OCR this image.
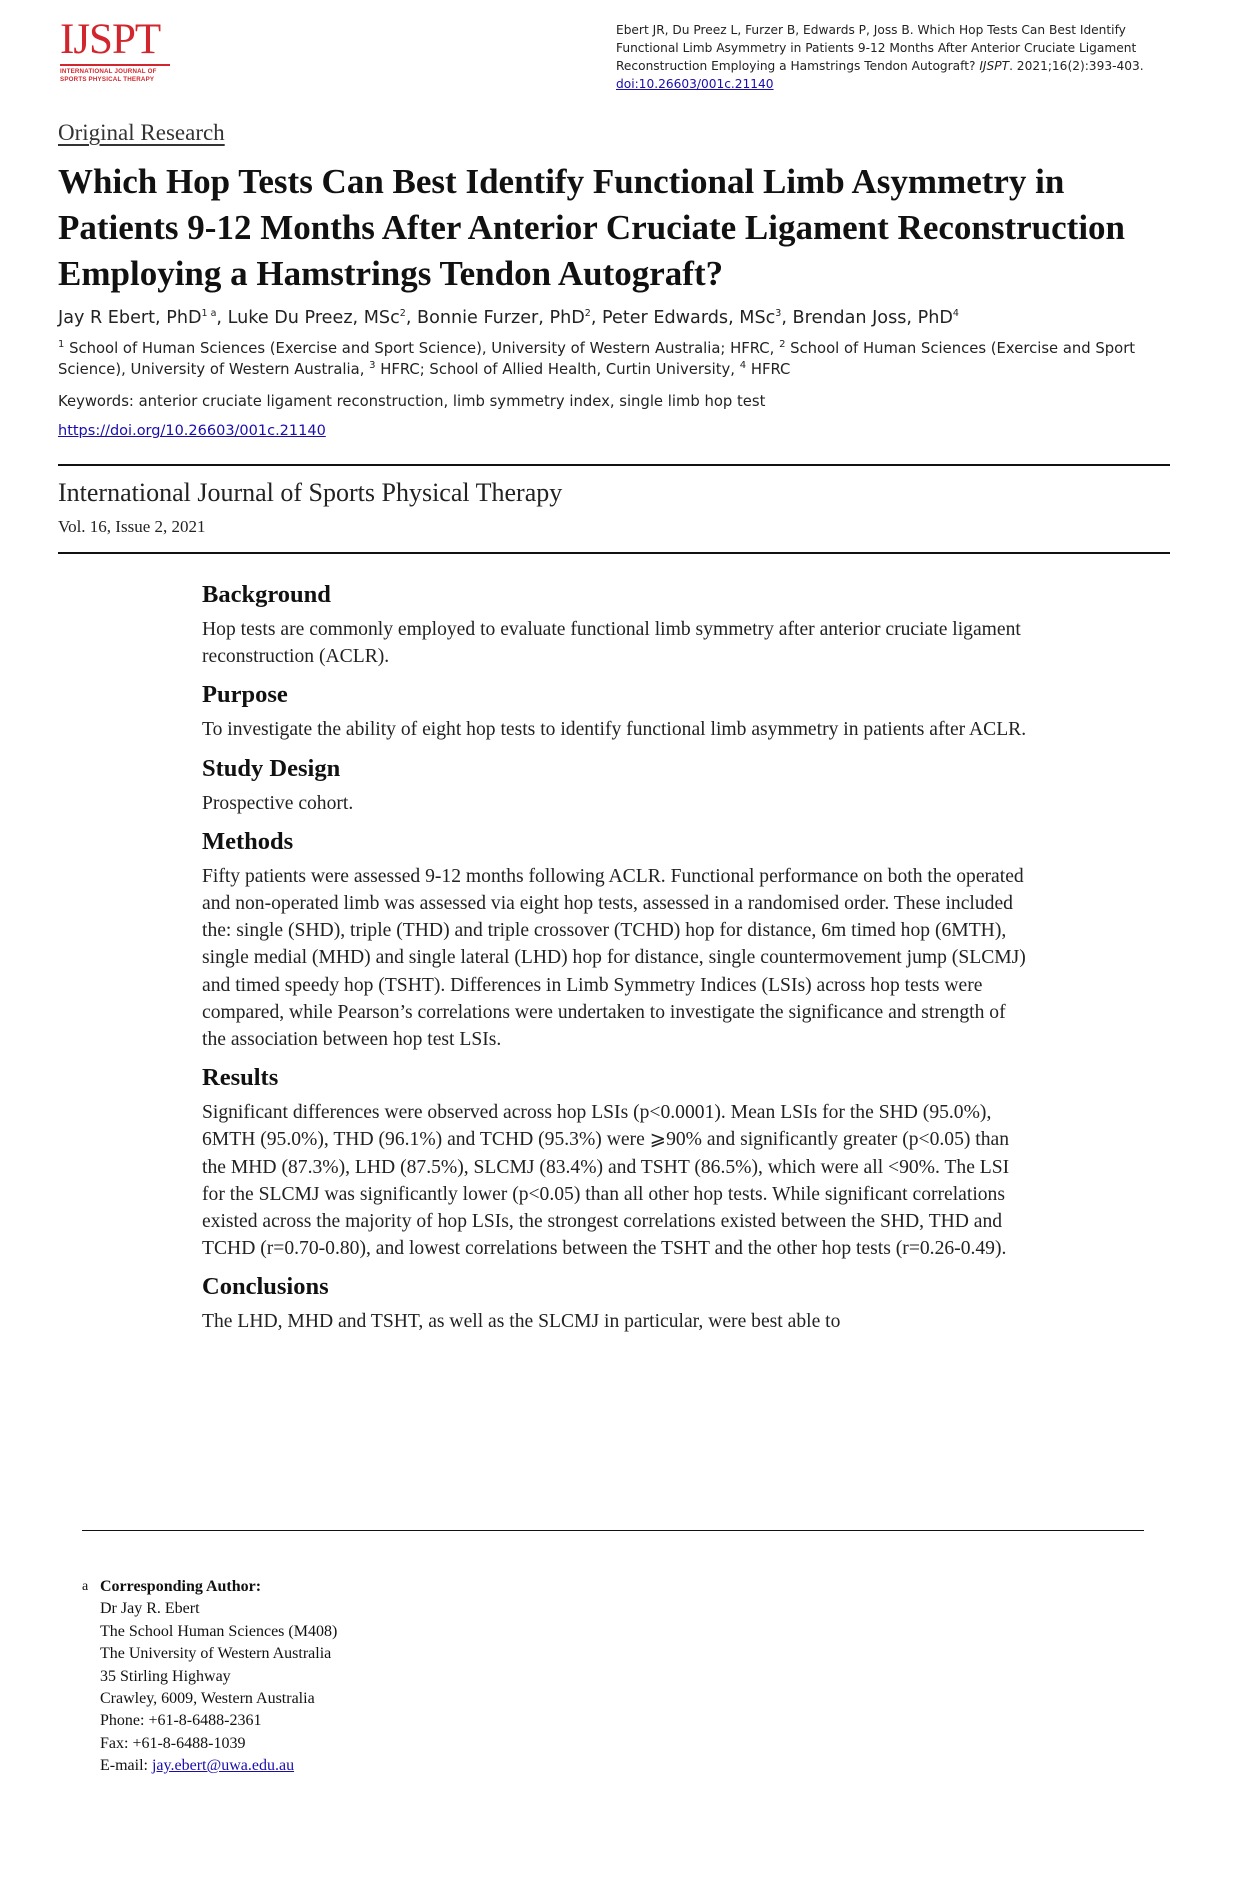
IJSPT
INTERNATIONAL JOURNAL OF SPORTS PHYSICAL THERAPY
Ebert JR, Du Preez L, Furzer B, Edwards P, Joss B. Which Hop Tests Can Best Identify Functional Limb Asymmetry in Patients 9-12 Months After Anterior Cruciate Ligament Reconstruction Employing a Hamstrings Tendon Autograft? IJSPT. 2021;16(2):393-403.
doi:10.26603/001c.21140
Original Research
Which Hop Tests Can Best Identify Functional Limb Asymmetry in Patients 9-12 Months After Anterior Cruciate Ligament Reconstruction Employing a Hamstrings Tendon Autograft?
Jay R Ebert, PhD$^{1 a}$, Luke Du Preez, MSc$^2$, Bonnie Furzer, PhD$^2$, Peter Edwards, MSc$^3$, Brendan Joss, PhD$^4$
$^1$ School of Human Sciences (Exercise and Sport Science), University of Western Australia; HFRC, $^2$ School of Human Sciences (Exercise and Sport Science), University of Western Australia, $^3$ HFRC; School of Allied Health, Curtin University, $^4$ HFRC
Keywords: anterior cruciate ligament reconstruction, limb symmetry index, single limb hop test
https://doi.org/10.26603/001c.21140
International Journal of Sports Physical Therapy
Vol. 16, Issue 2, 2021
Background

Hop tests are commonly employed to evaluate functional limb symmetry after anterior cruciate ligament reconstruction (ACLR).

Purpose

To investigate the ability of eight hop tests to identify functional limb asymmetry in patients after ACLR.

Study Design

Prospective cohort.

Methods

Fifty patients were assessed 9-12 months following ACLR. Functional performance on both the operated and non-operated limb was assessed via eight hop tests, assessed in a randomised order. These included the: single (SHD), triple (THD) and triple crossover (TCHD) hop for distance, 6m timed hop (6MTH), single medial (MHD) and single lateral (LHD) hop for distance, single countermovement jump (SLCMJ) and timed speedy hop (TSHT). Differences in Limb Symmetry Indices (LSIs) across hop tests were compared, while Pearson’s correlations were undertaken to investigate the significance and strength of the association between hop test LSIs.

Results

Significant differences were observed across hop LSIs (p<0.0001). Mean LSIs for the SHD (95.0%), 6MTH (95.0%), THD (96.1%) and TCHD (95.3%) were ⩾90% and significantly greater (p<0.05) than the MHD (87.3%), LHD (87.5%), SLCMJ (83.4%) and TSHT (86.5%), which were all <90%. The LSI for the SLCMJ was significantly lower (p<0.05) than all other hop tests. While significant correlations existed across the majority of hop LSIs, the strongest correlations existed between the SHD, THD and TCHD (r=0.70-0.80), and lowest correlations between the TSHT and the other hop tests (r=0.26-0.49).

Conclusions

The LHD, MHD and TSHT, as well as the SLCMJ in particular, were best able to

a Corresponding Author:
Dr Jay R. Ebert
The School Human Sciences (M408)
The University of Western Australia
35 Stirling Highway
Crawley, 6009, Western Australia
Phone: +61-8-6488-2361
Fax: +61-8-6488-1039
E-mail: jay.ebert@uwa.edu.au
